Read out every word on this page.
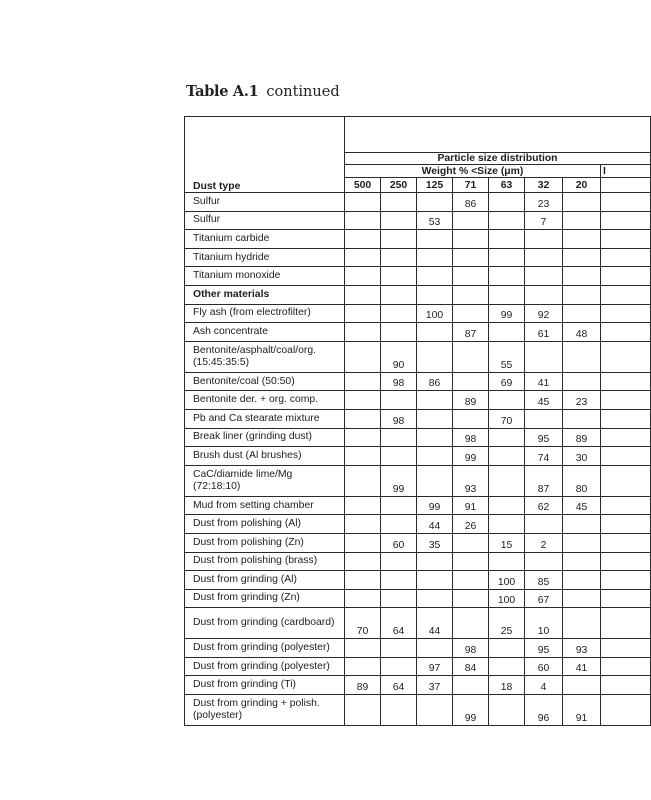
Table A.1 continued
Dust type								
	Particle size distribution							
	Weight % <Size (μm)							I
	500	250	125	71	63	32	20	
Sulfur				86		23		
Sulfur			53			7		
Titanium carbide								
Titanium hydride								
Titanium monoxide								
Other materials								
Fly ash (from electrofilter)			100		99	92		
Ash concentrate				87		61	48	
Bentonite/asphalt/coal/org. (15:45:35:5)		90			55			
Bentonite/coal (50:50)		98	86		69	41		
Bentonite der. + org. comp.				89		45	23	
Pb and Ca stearate mixture		98			70			
Break liner (grinding dust)				98		95	89	
Brush dust (Al brushes)				99		74	30	
CaC/diamide lime/Mg (72:18:10)		99		93		87	80	
Mud from setting chamber			99	91		62	45	
Dust from polishing (Al)			44	26				
Dust from polishing (Zn)		60	35		15	2		
Dust from polishing (brass)								
Dust from grinding (Al)					100	85		
Dust from grinding (Zn)					100	67		
Dust from grinding (cardboard)	70	64	44		25	10		
Dust from grinding (polyester)				98		95	93	
Dust from grinding (polyester)			97	84		60	41	
Dust from grinding (Ti)	89	64	37		18	4		
Dust from grinding + polish. (polyester)				99		96	91	
